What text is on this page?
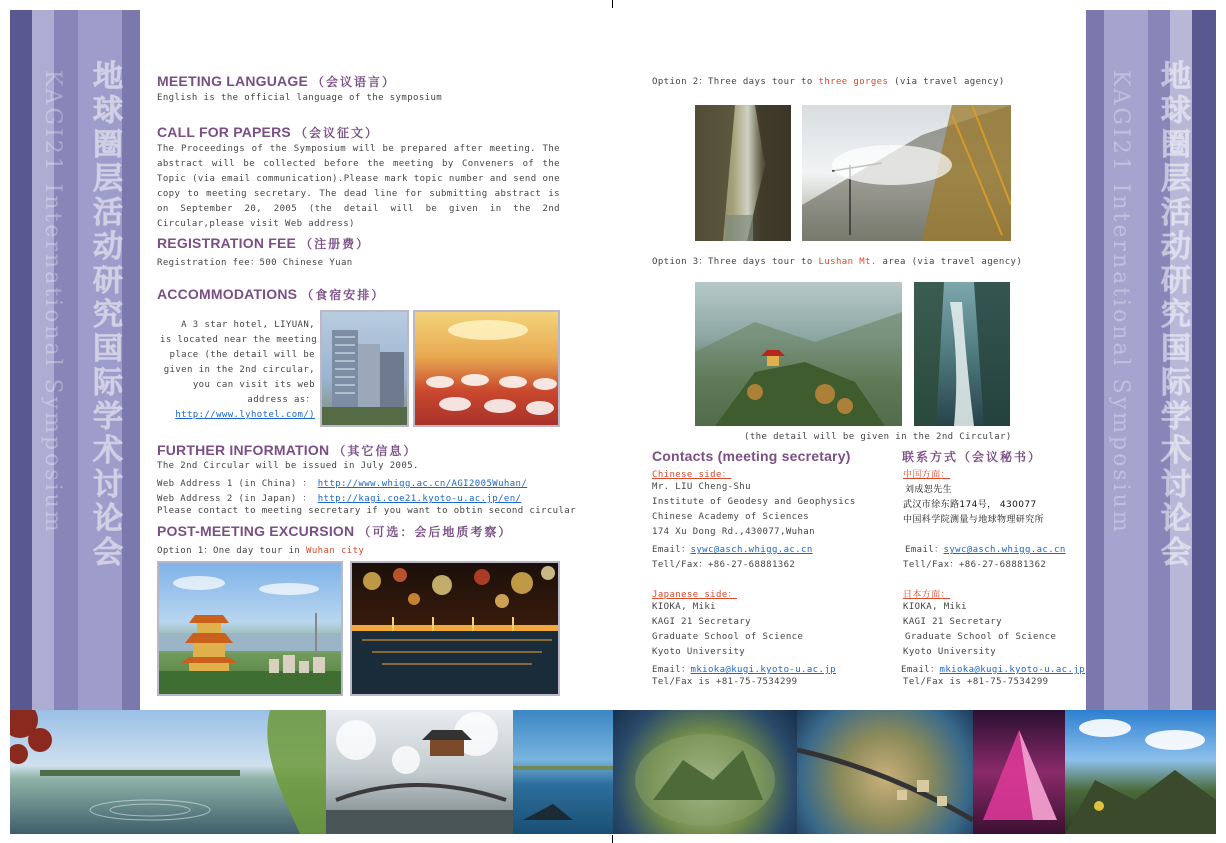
KAGI21 International Symposium 地球圈层活动研究国际学术讨论会	KAGI21 International Symposium 地球圈层活动研究国际学术讨论会
MEETING LANGUAGE （会议语言）
English is the official language of the symposium
CALL FOR PAPERS （会议征文）
The Proceedings of the Symposium will be prepared after meeting. The abstract will be collected before the meeting by Conveners of the Topic (via email communication).Please mark topic number and send one copy to meeting secretary. The dead line for submitting abstract is on September 20, 2005 (the detail will be given in the 2nd Circular,please visit Web address)
REGISTRATION FEE （注册费）
Registration fee：500 Chinese Yuan
ACCOMMODATIONS （食宿安排）
A 3 star hotel, LIYUAN,
is located near the meeting
place (the detail will be
given in the 2nd circular,
you can visit its web
address as：
http://www.lyhotel.com/)
FURTHER INFORMATION （其它信息）
The 2nd Circular will be issued in July 2005.
Web Address 1 (in China) ： http://www.whigg.ac.cn/AGI2005Wuhan/
Web Address 2 (in Japan) ： http://kagi.coe21.kyoto-u.ac.jp/en/
Please contact to meeting secretary if you want to obtin second circular
POST-MEETING EXCURSION （可选：会后地质考察）
Option 1：One day tour in Wuhan city
Option 2：Three days tour to three gorges (via travel agency)
Option 3：Three days tour to Lushan Mt. area (via travel agency)
(the detail will be given in the 2nd Circular)
Contacts (meeting secretary)	联系方式（会议秘书）
Chinese side：
Mr. LIU Cheng-Shu
Institute of Geodesy and Geophysics
Chinese Academy of Sciences
174 Xu Dong Rd.,430077,Wuhan
Email：sywc@asch.whigg.ac.cn
Tell/Fax：+86-27-68881362
中国方面：
刘成恕先生
武汉市徐东路174号， 430077
中国科学院测量与地球物理研究所
Email：sywc@asch.whigg.ac.cn
Tell/Fax：+86-27-68881362
Japanese side：
KIOKA, Miki
KAGI 21 Secretary
Graduate School of Science
Kyoto University
Email：mkioka@kugi.kyoto-u.ac.jp
Tel/Fax is +81-75-7534299
日本方面：
KIOKA, Miki
KAGI 21 Secretary
Graduate School of Science
Kyoto University
Email：mkioka@kugi.kyoto-u.ac.jp
Tel/Fax is +81-75-7534299
